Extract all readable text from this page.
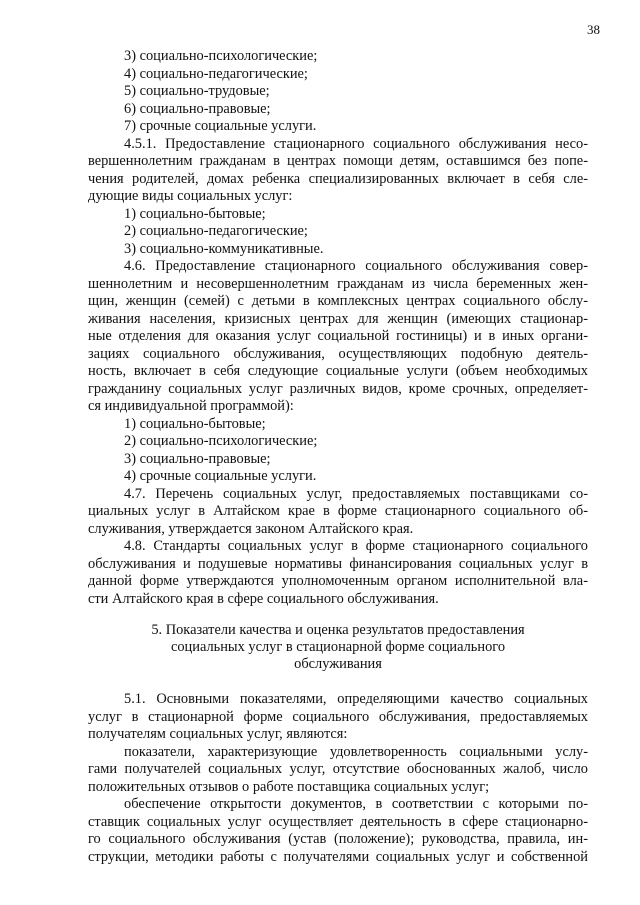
38
3) социально-психологические;
4) социально-педагогические;
5) социально-трудовые;
6) социально-правовые;
7) срочные социальные услуги.
4.5.1. Предоставление стационарного социального обслуживания несо-
вершеннолетним гражданам в центрах помощи детям, оставшимся без попе-
чения родителей, домах ребенка специализированных включает в себя сле-
дующие виды социальных услуг:
1) социально-бытовые;
2) социально-педагогические;
3) социально-коммуникативные.
4.6. Предоставление стационарного социального обслуживания совер-
шеннолетним и несовершеннолетним гражданам из числа беременных жен-
щин, женщин (семей) с детьми в комплексных центрах социального обслу-
живания населения, кризисных центрах для женщин (имеющих стационар-
ные отделения для оказания услуг социальной гостиницы) и в иных органи-
зациях социального обслуживания, осуществляющих подобную деятель-
ность, включает в себя следующие социальные услуги (объем необходимых
гражданину социальных услуг различных видов, кроме срочных, определяет-
ся индивидуальной программой):
1) социально-бытовые;
2) социально-психологические;
3) социально-правовые;
4) срочные социальные услуги.
4.7. Перечень социальных услуг, предоставляемых поставщиками со-
циальных услуг в Алтайском крае в форме стационарного социального об-
служивания, утверждается законом Алтайского края.
4.8. Стандарты социальных услуг в форме стационарного социального
обслуживания и подушевые нормативы финансирования социальных услуг в
данной форме утверждаются уполномоченным органом исполнительной вла-
сти Алтайского края в сфере социального обслуживания.
5. Показатели качества и оценка результатов предоставления
социальных услуг в стационарной форме социального
обслуживания
5.1. Основными показателями, определяющими качество социальных
услуг в стационарной форме социального обслуживания, предоставляемых
получателям социальных услуг, являются:
показатели, характеризующие удовлетворенность социальными услу-
гами получателей социальных услуг, отсутствие обоснованных жалоб, число
положительных отзывов о работе поставщика социальных услуг;
обеспечение открытости документов, в соответствии с которыми по-
ставщик социальных услуг осуществляет деятельность в сфере стационарно-
го социального обслуживания (устав (положение); руководства, правила, ин-
струкции, методики работы с получателями социальных услуг и собственной
